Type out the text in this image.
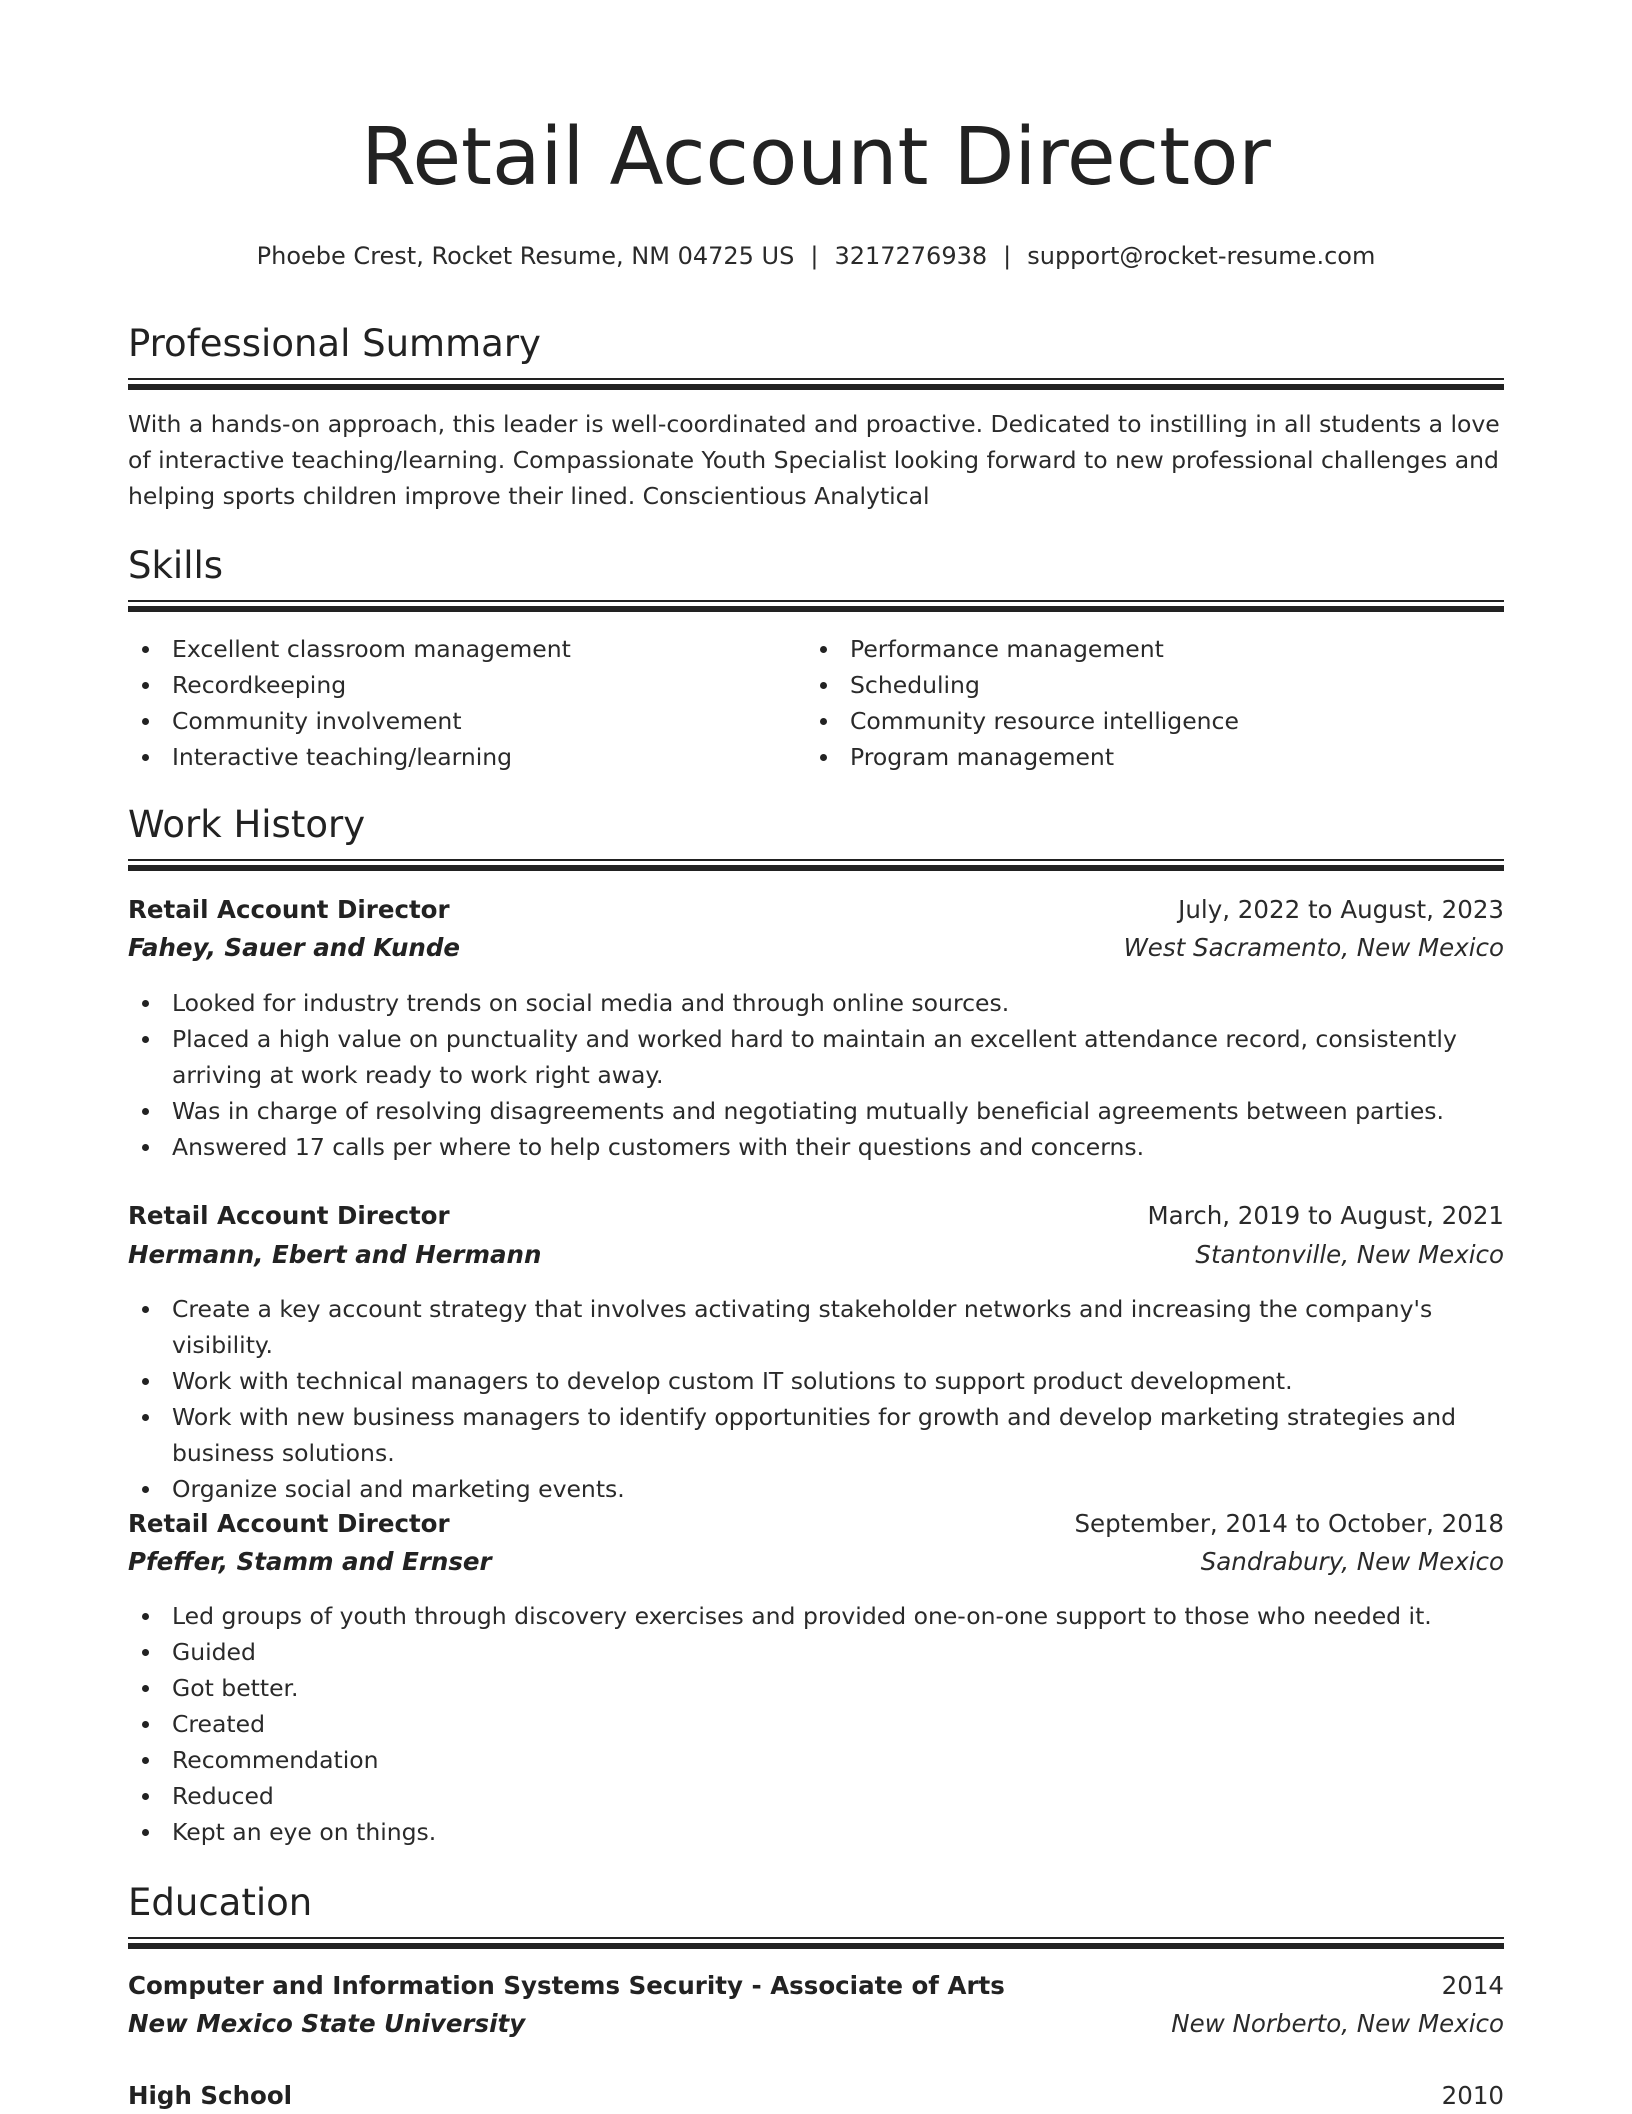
Retail Account Director
Phoebe Crest, Rocket Resume, NM 04725 US | 3217276938 | support@rocket-resume.com
Professional Summary

With a hands-on approach, this leader is well-coordinated and proactive. Dedicated to instilling in all students a love of interactive teaching/learning. Compassionate Youth Specialist looking forward to new professional challenges and helping sports children improve their lined. Conscientious Analytical

Skills
Excellent classroom management
Recordkeeping
Community involvement
Interactive teaching/learning
Performance management
Scheduling
Community resource intelligence
Program management
Work History
Retail Account Director	July, 2022 to August, 2023
Fahey, Sauer and Kunde	West Sacramento, New Mexico
Looked for industry trends on social media and through online sources.
Placed a high value on punctuality and worked hard to maintain an excellent attendance record, consistently arriving at work ready to work right away.
Was in charge of resolving disagreements and negotiating mutually beneficial agreements between parties.
Answered 17 calls per where to help customers with their questions and concerns.
Retail Account Director	March, 2019 to August, 2021
Hermann, Ebert and Hermann	Stantonville, New Mexico
Create a key account strategy that involves activating stakeholder networks and increasing the company's visibility.
Work with technical managers to develop custom IT solutions to support product development.
Work with new business managers to identify opportunities for growth and develop marketing strategies and business solutions.
Organize social and marketing events.
Retail Account Director	September, 2014 to October, 2018
Pfeffer, Stamm and Ernser	Sandrabury, New Mexico
Led groups of youth through discovery exercises and provided one-on-one support to those who needed it.
Guided
Got better.
Created
Recommendation
Reduced
Kept an eye on things.
Education
Computer and Information Systems Security - Associate of Arts	2014
New Mexico State University	New Norberto, New Mexico
High School	2010
